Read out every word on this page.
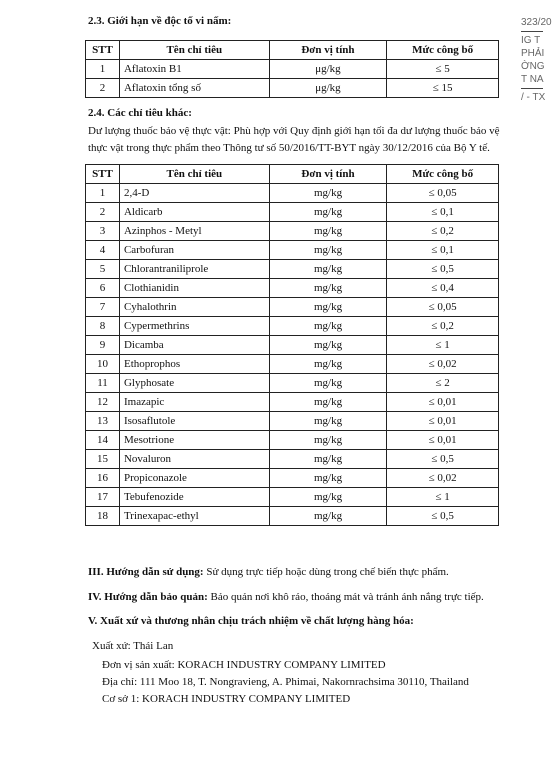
323/20
IG T
PHẢI
ỜNG
T NA
/ - TX
2.3. Giới hạn về độc tố vi nấm:
STT	Tên chỉ tiêu	Đơn vị tính	Mức công bố
1	Aflatoxin B1	μg/kg	≤ 5
2	Aflatoxin tổng số	μg/kg	≤ 15
2.4. Các chỉ tiêu khác:
Dư lượng thuốc bảo vệ thực vật: Phù hợp với Quy định giới hạn tối đa dư lượng thuốc bảo vệ thực vật trong thực phẩm theo Thông tư số 50/2016/TT-BYT ngày 30/12/2016 của Bộ Y tế.
STT	Tên chỉ tiêu	Đơn vị tính	Mức công bố
1	2,4-D	mg/kg	≤ 0,05
2	Aldicarb	mg/kg	≤ 0,1
3	Azinphos - Metyl	mg/kg	≤ 0,2
4	Carbofuran	mg/kg	≤ 0,1
5	Chlorantraniliprole	mg/kg	≤ 0,5
6	Clothianidin	mg/kg	≤ 0,4
7	Cyhalothrin	mg/kg	≤ 0,05
8	Cypermethrins	mg/kg	≤ 0,2
9	Dicamba	mg/kg	≤ 1
10	Ethoprophos	mg/kg	≤ 0,02
11	Glyphosate	mg/kg	≤ 2
12	Imazapic	mg/kg	≤ 0,01
13	Isosaflutole	mg/kg	≤ 0,01
14	Mesotrione	mg/kg	≤ 0,01
15	Novaluron	mg/kg	≤ 0,5
16	Propiconazole	mg/kg	≤ 0,02
17	Tebufenozide	mg/kg	≤ 1
18	Trinexapac-ethyl	mg/kg	≤ 0,5
III. Hướng dẫn sử dụng: Sử dụng trực tiếp hoặc dùng trong chế biến thực phẩm.
IV. Hướng dẫn bảo quản: Bảo quản nơi khô ráo, thoáng mát và tránh ánh nắng trực tiếp.
V. Xuất xứ và thương nhân chịu trách nhiệm về chất lượng hàng hóa:
Xuất xứ: Thái Lan
Đơn vị sản xuất: KORACH INDUSTRY COMPANY LIMITED
Địa chỉ: 111 Moo 18, T. Nongravieng, A. Phimai, Nakornrachsima 30110, Thailand
Cơ sở 1: KORACH INDUSTRY COMPANY LIMITED
